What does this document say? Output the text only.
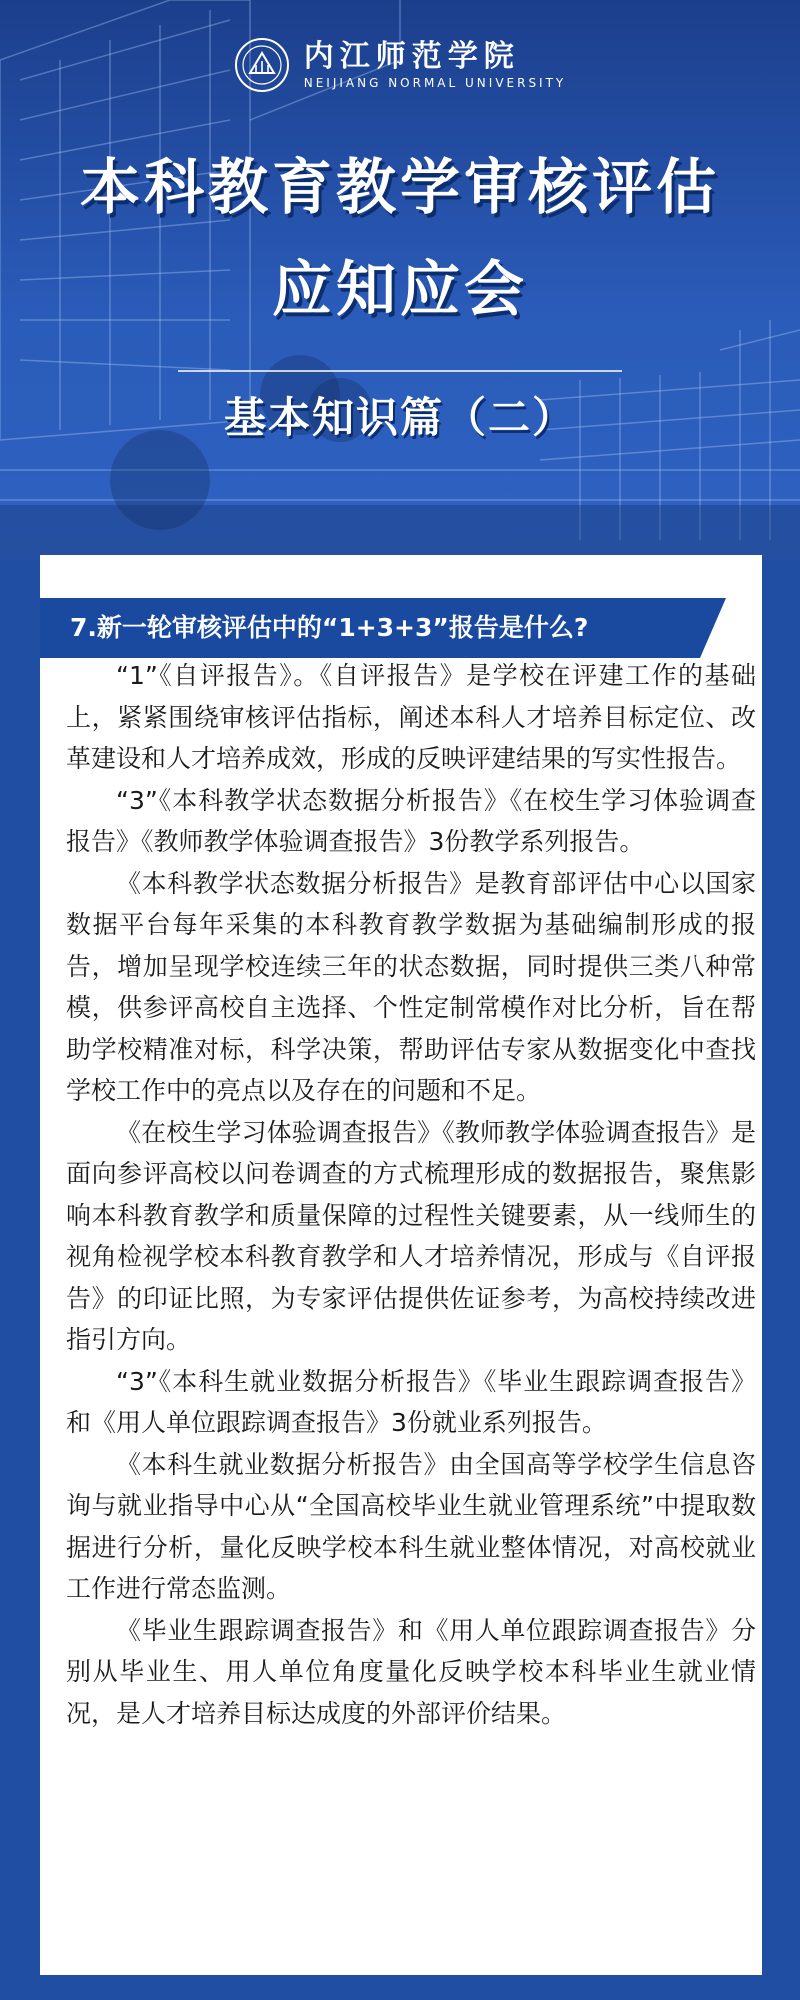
内江师范学院
NEIJIANG NORMAL UNIVERSITY
本科教育教学审核评估
应知应会
基本知识篇（二）
7.新一轮审核评估中的“1+3+3”报告是什么?

“1”《自评报告》。《自评报告》是学校在评建工作的基础上，紧紧围绕审核评估指标，阐述本科人才培养目标定位、改革建设和人才培养成效，形成的反映评建结果的写实性报告。

“3”《本科教学状态数据分析报告》《在校生学习体验调查报告》《教师教学体验调查报告》3份教学系列报告。

《本科教学状态数据分析报告》是教育部评估中心以国家数据平台每年采集的本科教育教学数据为基础编制形成的报告，增加呈现学校连续三年的状态数据，同时提供三类八种常模，供参评高校自主选择、个性定制常模作对比分析，旨在帮助学校精准对标，科学决策，帮助评估专家从数据变化中查找学校工作中的亮点以及存在的问题和不足。

《在校生学习体验调查报告》《教师教学体验调查报告》是面向参评高校以问卷调查的方式梳理形成的数据报告，聚焦影响本科教育教学和质量保障的过程性关键要素，从一线师生的视角检视学校本科教育教学和人才培养情况，形成与《自评报告》的印证比照，为专家评估提供佐证参考，为高校持续改进指引方向。

“3”《本科生就业数据分析报告》《毕业生跟踪调查报告》和《用人单位跟踪调查报告》3份就业系列报告。

《本科生就业数据分析报告》由全国高等学校学生信息咨询与就业指导中心从“全国高校毕业生就业管理系统”中提取数据进行分析，量化反映学校本科生就业整体情况，对高校就业工作进行常态监测。

《毕业生跟踪调查报告》和《用人单位跟踪调查报告》分别从毕业生、用人单位角度量化反映学校本科毕业生就业情况，是人才培养目标达成度的外部评价结果。
